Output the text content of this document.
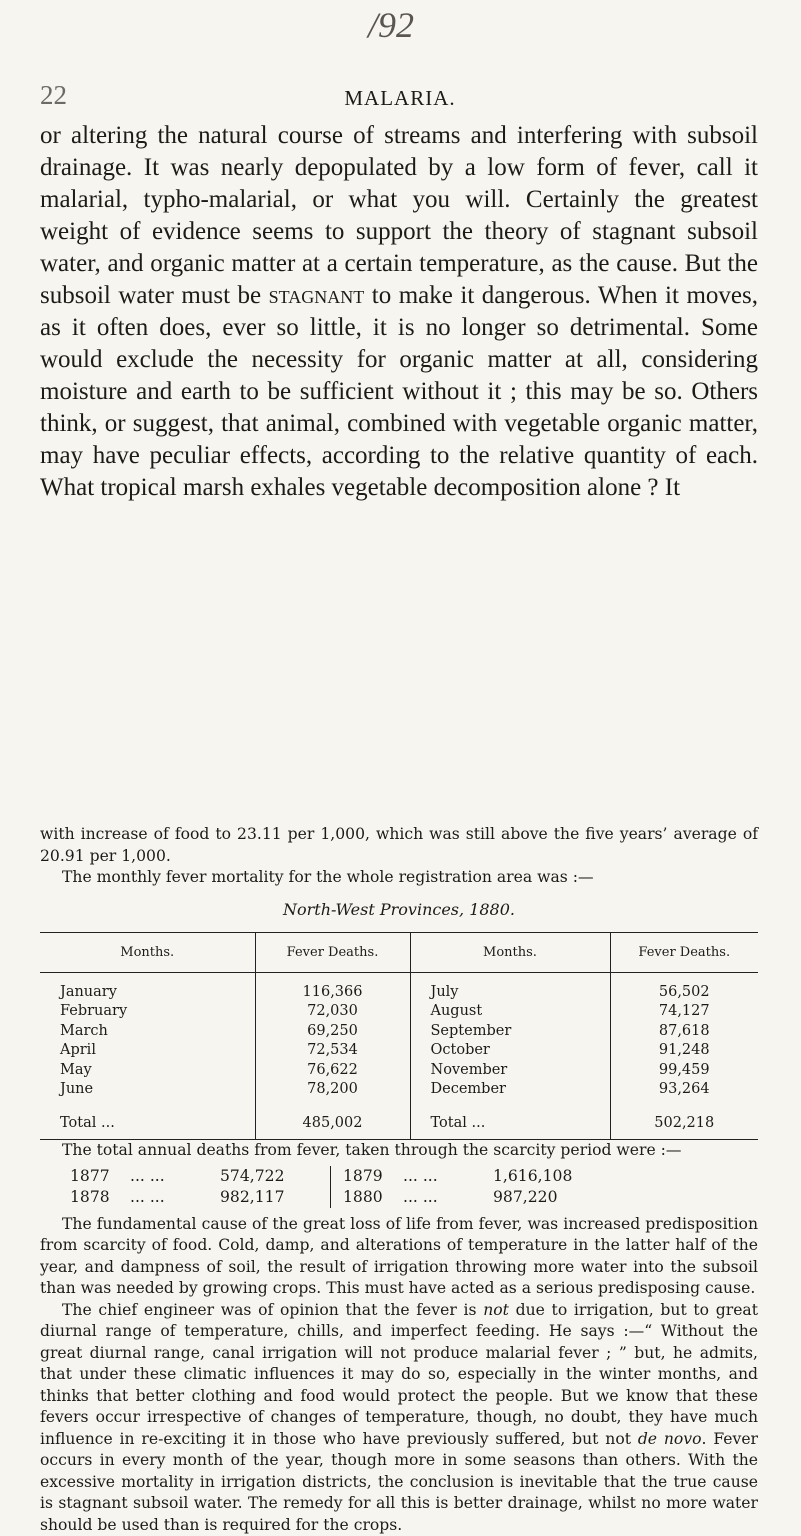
/92
22	MALARIA.

or altering the natural course of streams and interfering with subsoil drainage. It was nearly depopulated by a low form of fever, call it malarial, typho-malarial, or what you will. Certainly the greatest weight of evidence seems to support the theory of stagnant subsoil water, and organic matter at a certain temperature, as the cause. But the subsoil water must be stagnant to make it dangerous. When it moves, as it often does, ever so little, it is no longer so detrimental. Some would exclude the necessity for organic matter at all, considering moisture and earth to be sufficient without it ; this may be so. Others think, or suggest, that animal, combined with vegetable organic matter, may have peculiar effects, according to the relative quantity of each. What tropical marsh exhales vegetable decomposition alone ? It

with increase of food to 23.11 per 1,000, which was still above the five years’ average of 20.91 per 1,000.

The monthly fever mortality for the whole registration area was :—

North-West Provinces, 1880.

Months.	Fever Deaths.	Months.	Fever Deaths.

January	116,366	July	56,502
February	72,030	August	74,127
March	69,250	September	87,618
April	72,534	October	91,248
May	76,622	November	99,459
June	78,200	December	93,264

Total ...	485,002	Total ...	502,218

The total annual deaths from fever, taken through the scarcity period were :—

1877	... ...	574,722	1879	... ...	1,616,108
1878	... ...	982,117	1880	... ...	987,220

The fundamental cause of the great loss of life from fever, was increased predisposition from scarcity of food. Cold, damp, and alterations of temperature in the latter half of the year, and dampness of soil, the result of irrigation throwing more water into the subsoil than was needed by growing crops. This must have acted as a serious predisposing cause.

The chief engineer was of opinion that the fever is not due to irrigation, but to great diurnal range of temperature, chills, and imperfect feeding. He says :—“ Without the great diurnal range, canal irrigation will not produce malarial fever ; ” but, he admits, that under these climatic influences it may do so, especially in the winter months, and thinks that better clothing and food would protect the people. But we know that these fevers occur irrespective of changes of temperature, though, no doubt, they have much influence in re-exciting it in those who have previously suffered, but not de novo. Fever occurs in every month of the year, though more in some seasons than others. With the excessive mortality in irrigation districts, the conclusion is inevitable that the true cause is stagnant subsoil water. The remedy for all this is better drainage, whilst no more water should be used than is required for the crops.
